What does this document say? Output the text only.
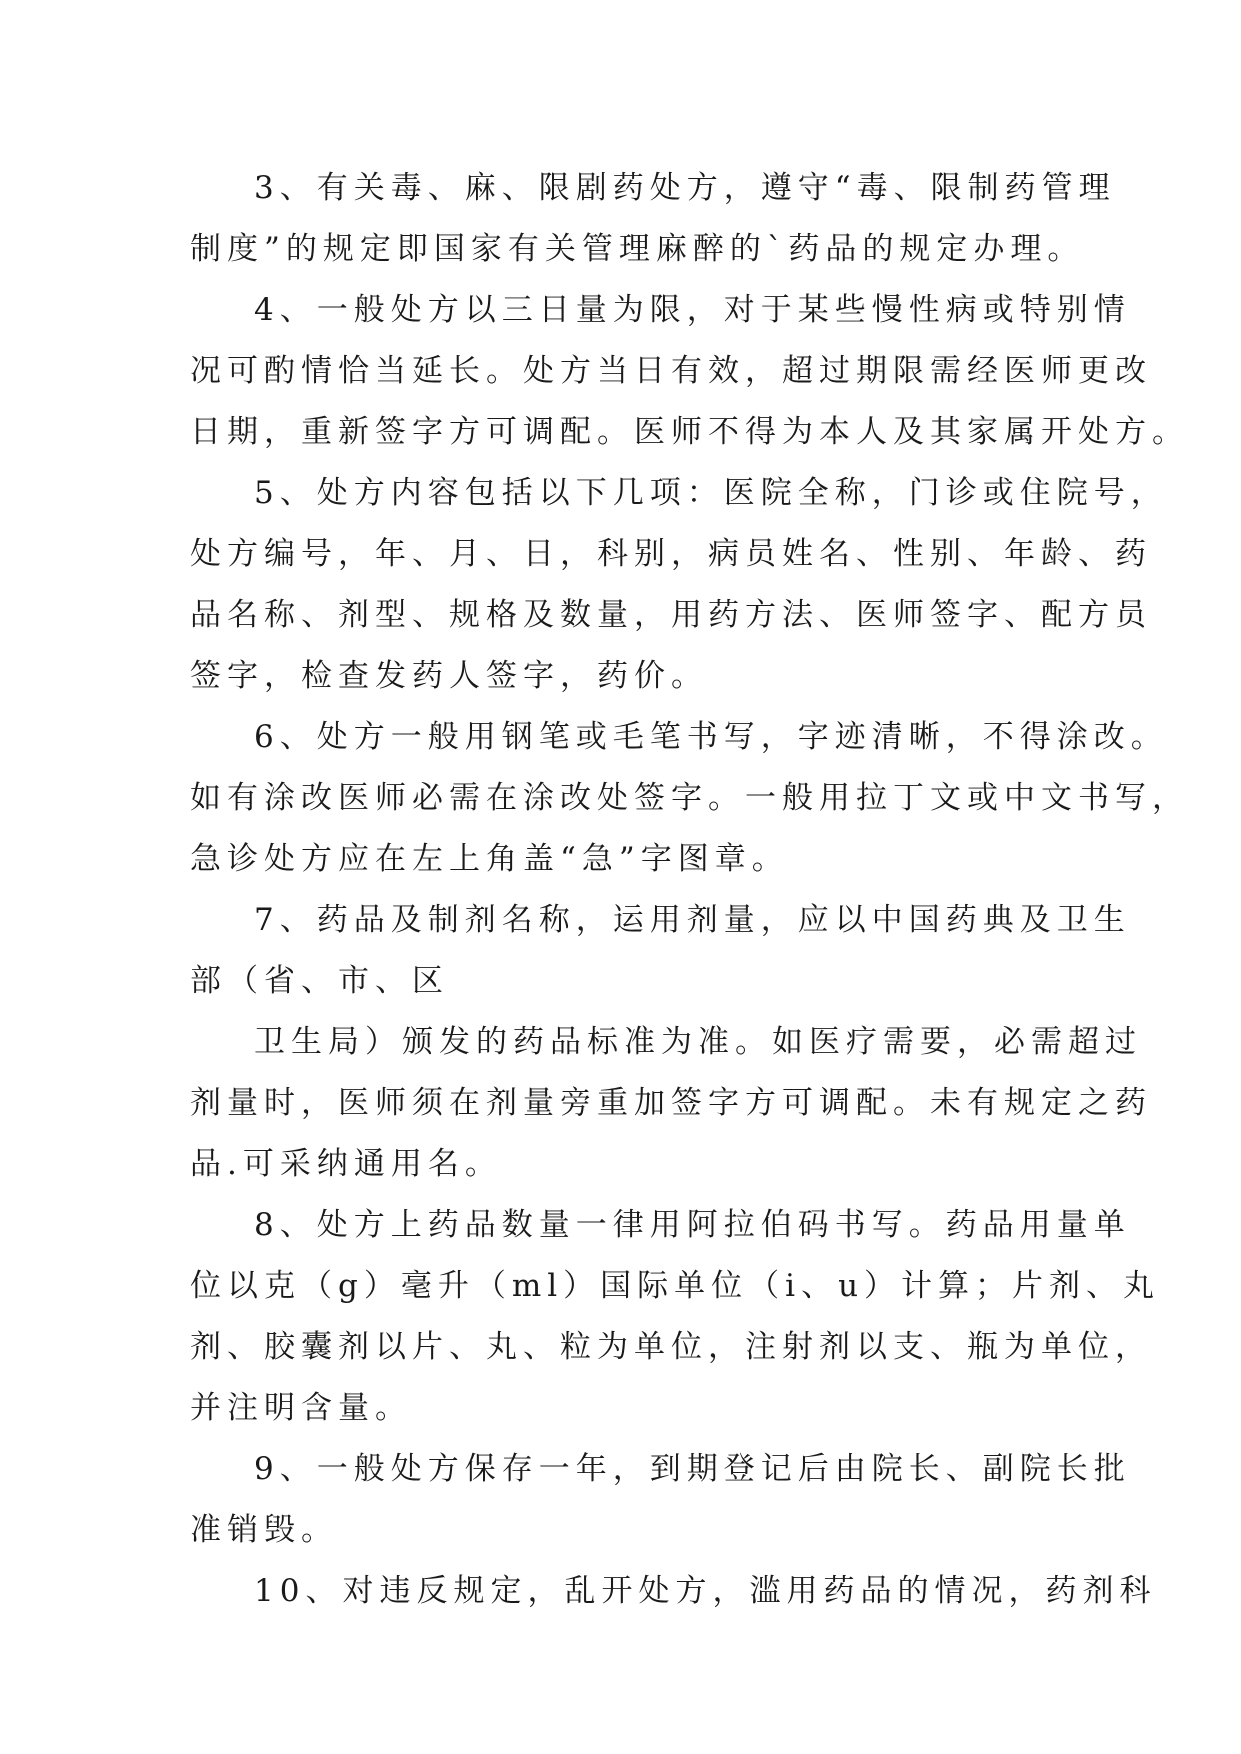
3、有关毒、麻、限剧药处方，遵守“毒、限制药管理
制度”的规定即国家有关管理麻醉的`药品的规定办理。
4、一般处方以三日量为限，对于某些慢性病或特别情
况可酌情恰当延长。处方当日有效，超过期限需经医师更改
日期，重新签字方可调配。医师不得为本人及其家属开处方。
5、处方内容包括以下几项：医院全称，门诊或住院号，
处方编号，年、月、日，科别，病员姓名、性别、年龄、药
品名称、剂型、规格及数量，用药方法、医师签字、配方员
签字，检查发药人签字，药价。
6、处方一般用钢笔或毛笔书写，字迹清晰，不得涂改。
如有涂改医师必需在涂改处签字。一般用拉丁文或中文书写，
急诊处方应在左上角盖“急”字图章。
7、药品及制剂名称，运用剂量，应以中国药典及卫生
部（省、市、区
卫生局）颁发的药品标准为准。如医疗需要，必需超过
剂量时，医师须在剂量旁重加签字方可调配。未有规定之药
品.可采纳通用名。
8、处方上药品数量一律用阿拉伯码书写。药品用量单
位以克（g）毫升（ml）国际单位（i、u）计算；片剂、丸
剂、胶囊剂以片、丸、粒为单位，注射剂以支、瓶为单位，
并注明含量。
9、一般处方保存一年，到期登记后由院长、副院长批
准销毁。
10、对违反规定，乱开处方，滥用药品的情况，药剂科
